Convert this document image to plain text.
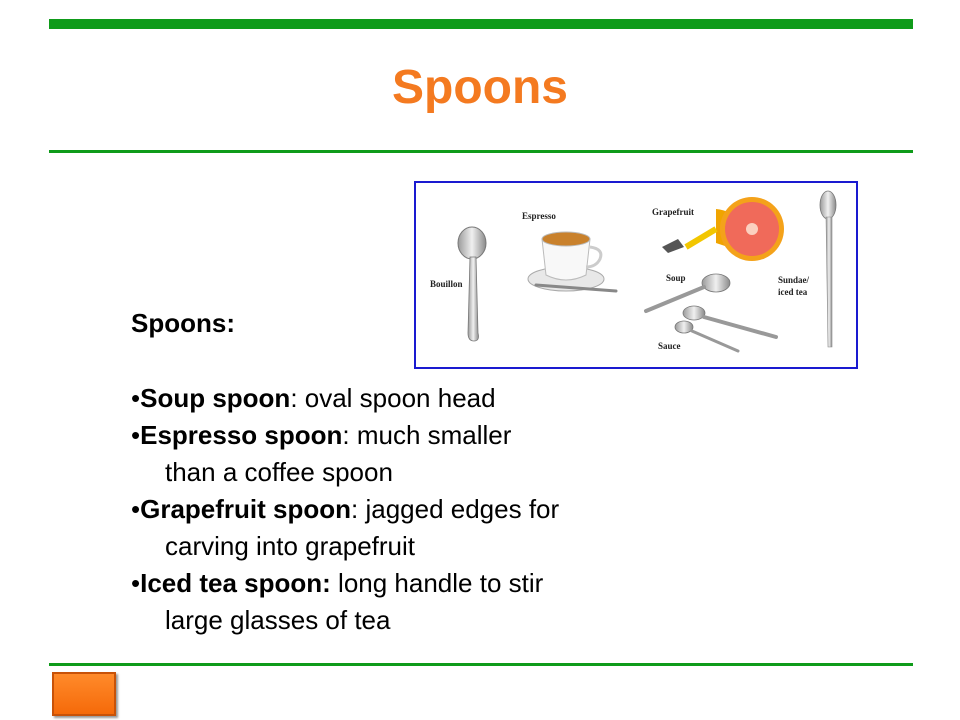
Spoons
Bouillon
Espresso	Grapefruit
Soup
Sauce
Sundae/
iced tea

Spoons:

•Soup spoon: oval spoon head

•Espresso spoon: much smaller
than a coffee spoon

•Grapefruit spoon: jagged edges for
carving into grapefruit

•Iced tea spoon: long handle to stir
large glasses of tea
